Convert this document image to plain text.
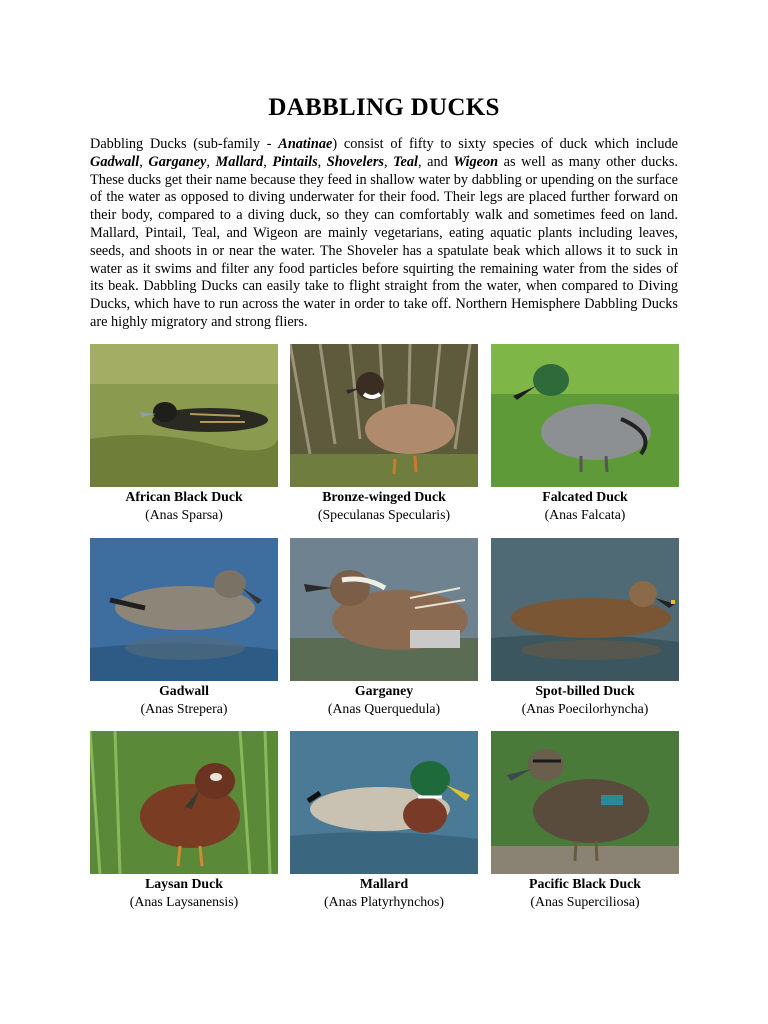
DABBLING DUCKS

Dabbling Ducks (sub-family - Anatinae) consist of fifty to sixty species of duck which include Gadwall, Garganey, Mallard, Pintails, Shovelers, Teal, and Wigeon as well as many other ducks. These ducks get their name because they feed in shallow water by dabbling or upending on the surface of the water as opposed to diving underwater for their food. Their legs are placed further forward on their body, compared to a diving duck, so they can comfortably walk and sometimes feed on land. Mallard, Pintail, Teal, and Wigeon are mainly vegetarians, eating aquatic plants including leaves, seeds, and shoots in or near the water. The Shoveler has a spatulate beak which allows it to suck in water as it swims and filter any food particles before squirting the remaining water from the sides of its beak. Dabbling Ducks can easily take to flight straight from the water, when compared to Diving Ducks, which have to run across the water in order to take off. Northern Hemisphere Dabbling Ducks are highly migratory and strong fliers.

African Black Duck
(Anas Sparsa)
Bronze-winged Duck
(Speculanas Specularis)
Falcated Duck
(Anas Falcata)
Gadwall
(Anas Strepera)
Garganey
(Anas Querquedula)
Spot-billed Duck
(Anas Poecilorhyncha)
Laysan Duck
(Anas Laysanensis)
Mallard
(Anas Platyrhynchos)
Pacific Black Duck
(Anas Superciliosa)
